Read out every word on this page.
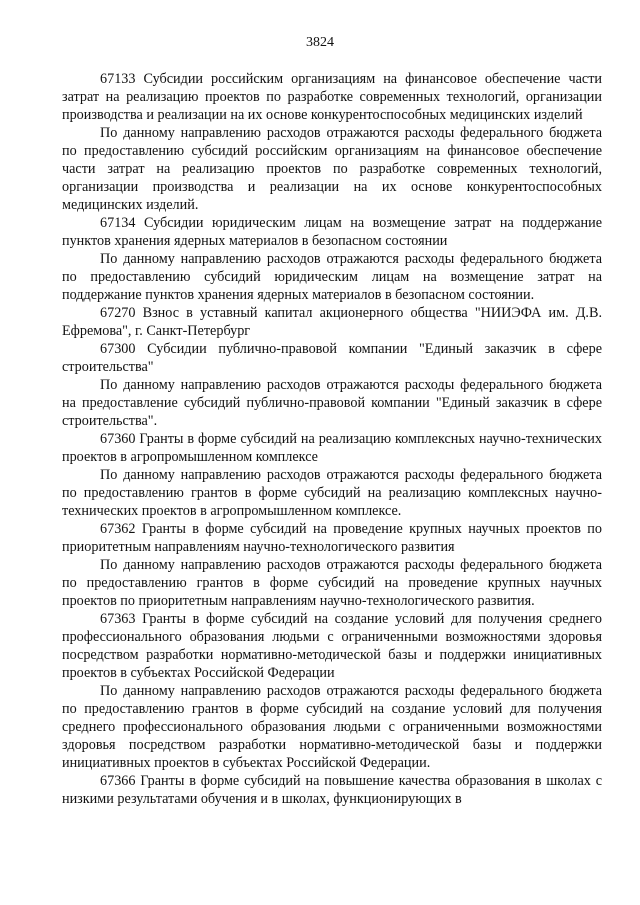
3824

67133 Субсидии российским организациям на финансовое обеспечение части затрат на реализацию проектов по разработке современных технологий, организации производства и реализации на их основе конкурентоспособных медицинских изделий

По данному направлению расходов отражаются расходы федерального бюджета по предоставлению субсидий российским организациям на финансовое обеспечение части затрат на реализацию проектов по разработке современных технологий, организации производства и реализации на их основе конкурентоспособных медицинских изделий.

67134 Субсидии юридическим лицам на возмещение затрат на поддержание пунктов хранения ядерных материалов в безопасном состоянии

По данному направлению расходов отражаются расходы федерального бюджета по предоставлению субсидий юридическим лицам на возмещение затрат на поддержание пунктов хранения ядерных материалов в безопасном состоянии.

67270 Взнос в уставный капитал акционерного общества "НИИЭФА им. Д.В. Ефремова", г. Санкт-Петербург

67300 Субсидии публично-правовой компании "Единый заказчик в сфере строительства"

По данному направлению расходов отражаются расходы федерального бюджета на предоставление субсидий публично-правовой компании "Единый заказчик в сфере строительства".

67360 Гранты в форме субсидий на реализацию комплексных научно-технических проектов в агропромышленном комплексе

По данному направлению расходов отражаются расходы федерального бюджета по предоставлению грантов в форме субсидий на реализацию комплексных научно-технических проектов в агропромышленном комплексе.

67362 Гранты в форме субсидий на проведение крупных научных проектов по приоритетным направлениям научно-технологического развития

По данному направлению расходов отражаются расходы федерального бюджета по предоставлению грантов в форме субсидий на проведение крупных научных проектов по приоритетным направлениям научно-технологического развития.

67363 Гранты в форме субсидий на создание условий для получения среднего профессионального образования людьми с ограниченными возможностями здоровья посредством разработки нормативно-методической базы и поддержки инициативных проектов в субъектах Российской Федерации

По данному направлению расходов отражаются расходы федерального бюджета по предоставлению грантов в форме субсидий на создание условий для получения среднего профессионального образования людьми с ограниченными возможностями здоровья посредством разработки нормативно-методической базы и поддержки инициативных проектов в субъектах Российской Федерации.

67366 Гранты в форме субсидий на повышение качества образования в школах с низкими результатами обучения и в школах, функционирующих в
